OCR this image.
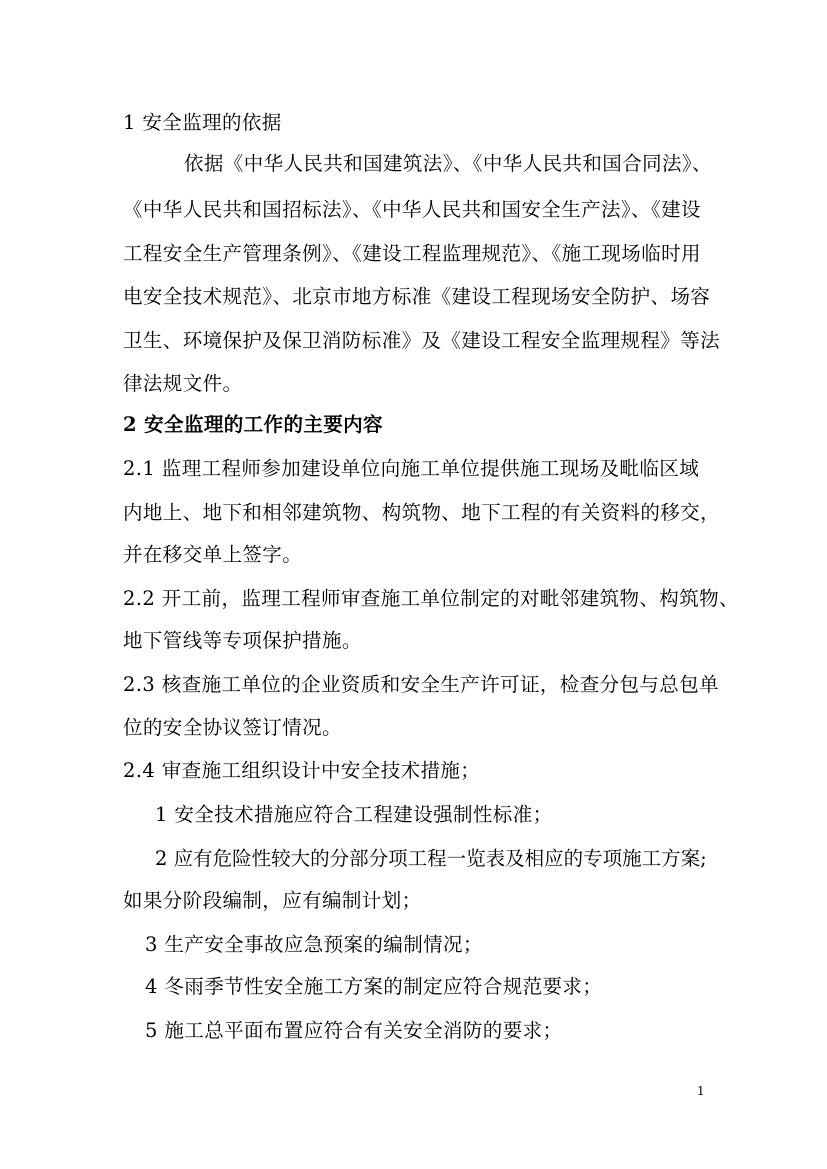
1 安全监理的依据
依据《中华人民共和国建筑法》、《中华人民共和国合同法》、
《中华人民共和国招标法》、《中华人民共和国安全生产法》、《建设
工程安全生产管理条例》、《建设工程监理规范》、《施工现场临时用
电安全技术规范》、北京市地方标准《建设工程现场安全防护、场容
卫生、环境保护及保卫消防标准》及《建设工程安全监理规程》等法
律法规文件。
2 安全监理的工作的主要内容
2.1 监理工程师参加建设单位向施工单位提供施工现场及毗临区域
内地上、地下和相邻建筑物、构筑物、地下工程的有关资料的移交，
并在移交单上签字。
2.2 开工前，监理工程师审查施工单位制定的对毗邻建筑物、构筑物、
地下管线等专项保护措施。
2.3 核查施工单位的企业资质和安全生产许可证，检查分包与总包单
位的安全协议签订情况。
2.4 审查施工组织设计中安全技术措施；
1 安全技术措施应符合工程建设强制性标准；
2 应有危险性较大的分部分项工程一览表及相应的专项施工方案;
如果分阶段编制，应有编制计划；
3 生产安全事故应急预案的编制情况；
4 冬雨季节性安全施工方案的制定应符合规范要求；
5 施工总平面布置应符合有关安全消防的要求；
1
